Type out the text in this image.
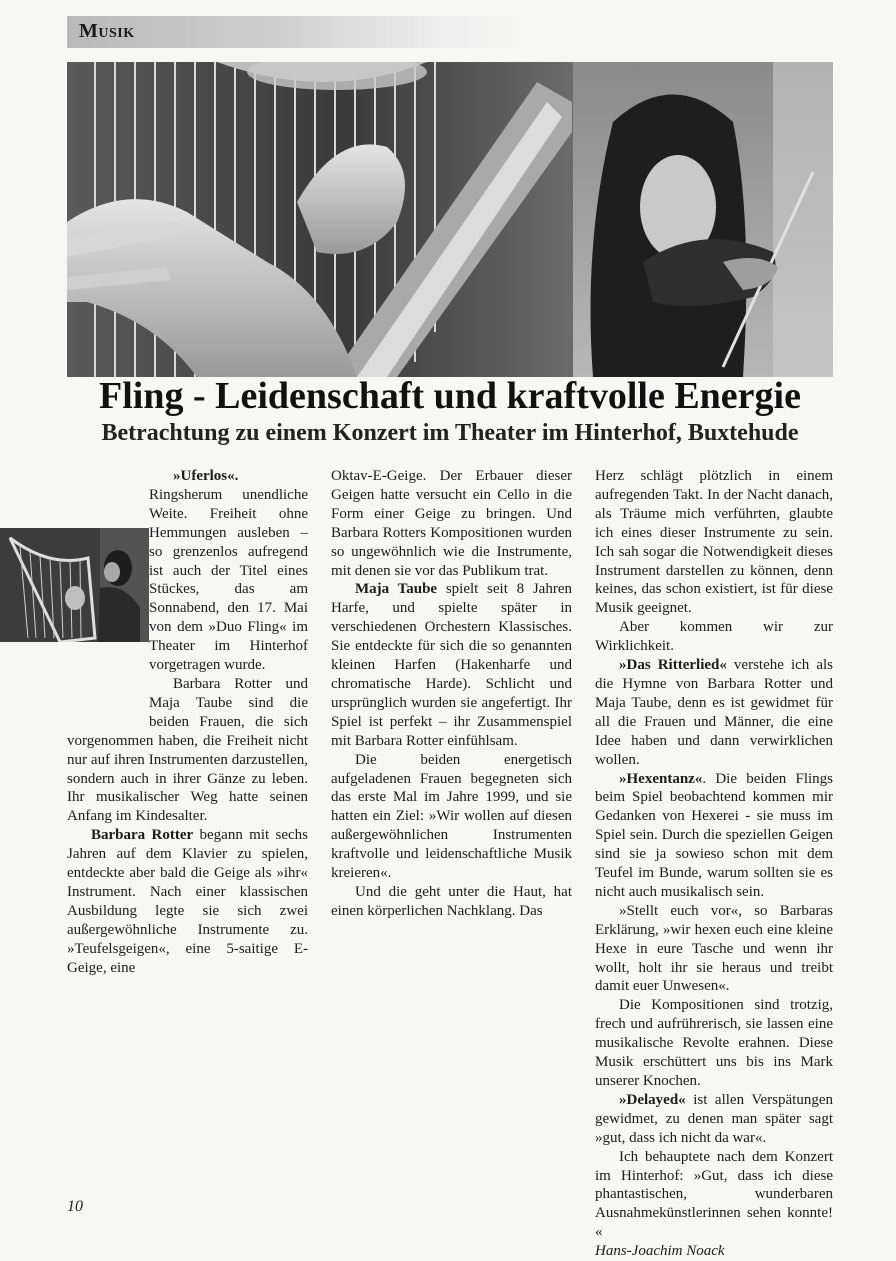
Musik
Fling - Leidenschaft und kraftvolle Energie
Betrachtung zu einem Konzert im Theater im Hinterhof, Buxtehude

»Uferlos«. Ringsherum unendliche Weite. Freiheit ohne Hemmungen ausleben – so grenzenlos aufregend ist auch der Titel eines Stückes, das am Sonnabend, den 17. Mai von dem »Duo Fling« im Theater im Hinterhof vorgetragen wurde.

Barbara Rotter und Maja Taube sind die beiden Frauen, die sich vorgenommen haben, die Freiheit nicht nur auf ihren Instrumenten darzustellen, sondern auch in ihrer Gänze zu leben. Ihr musikalischer Weg hatte seinen Anfang im Kindesalter.

Barbara Rotter begann mit sechs Jahren auf dem Klavier zu spielen, entdeckte aber bald die Geige als »ihr« Instrument. Nach einer klassischen Ausbildung legte sie sich zwei außergewöhnliche Instrumente zu. »Teufelsgeigen«, eine 5-saitige E-Geige, eine

Oktav-E-Geige. Der Erbauer dieser Geigen hatte versucht ein Cello in die Form einer Geige zu bringen. Und Barbara Rotters Kompositionen wurden so ungewöhnlich wie die Instrumente, mit denen sie vor das Publikum trat.

Maja Taube spielt seit 8 Jahren Harfe, und spielte später in verschiedenen Orchestern Klassisches. Sie entdeckte für sich die so genannten kleinen Harfen (Hakenharfe und chromatische Hardе). Schlicht und ursprünglich wurden sie angefertigt. Ihr Spiel ist perfekt – ihr Zusammenspiel mit Barbara Rotter einfühlsam.

Die beiden energetisch aufgeladenen Frauen begegneten sich das erste Mal im Jahre 1999, und sie hatten ein Ziel: »Wir wollen auf diesen außergewöhnlichen Instrumenten kraftvolle und leidenschaftliche Musik kreieren«.

Und die geht unter die Haut, hat einen körperlichen Nachklang. Das

Herz schlägt plötzlich in einem aufregenden Takt. In der Nacht danach, als Träume mich verführten, glaubte ich eines dieser Instrumente zu sein. Ich sah sogar die Notwendigkeit dieses Instrument darstellen zu können, denn keines, das schon existiert, ist für diese Musik geeignet.

Aber kommen wir zur Wirklichkeit.

»Das Ritterlied« verstehe ich als die Hymne von Barbara Rotter und Maja Taube, denn es ist gewidmet für all die Frauen und Männer, die eine Idee haben und dann verwirklichen wollen.

»Hexentanz«. Die beiden Flings beim Spiel beobachtend kommen mir Gedanken von Hexerei - sie muss im Spiel sein. Durch die speziellen Geigen sind sie ja sowieso schon mit dem Teufel im Bunde, warum sollten sie es nicht auch musikalisch sein.

»Stellt euch vor«, so Barbaras Erklärung, »wir hexen euch eine kleine Hexe in eure Tasche und wenn ihr wollt, holt ihr sie heraus und treibt damit euer Unwesen«.

Die Kompositionen sind trotzig, frech und aufrührerisch, sie lassen eine musikalische Revolte erahnen. Diese Musik erschüttert uns bis ins Mark unserer Knochen.

»Delayed« ist allen Verspätungen gewidmet, zu denen man später sagt »gut, dass ich nicht da war«.

Ich behauptete nach dem Konzert im Hinterhof: »Gut, dass ich diese phantastischen, wunderbaren Ausnahmekünstlerinnen sehen konnte! «

Hans-Joachim Noack

10
